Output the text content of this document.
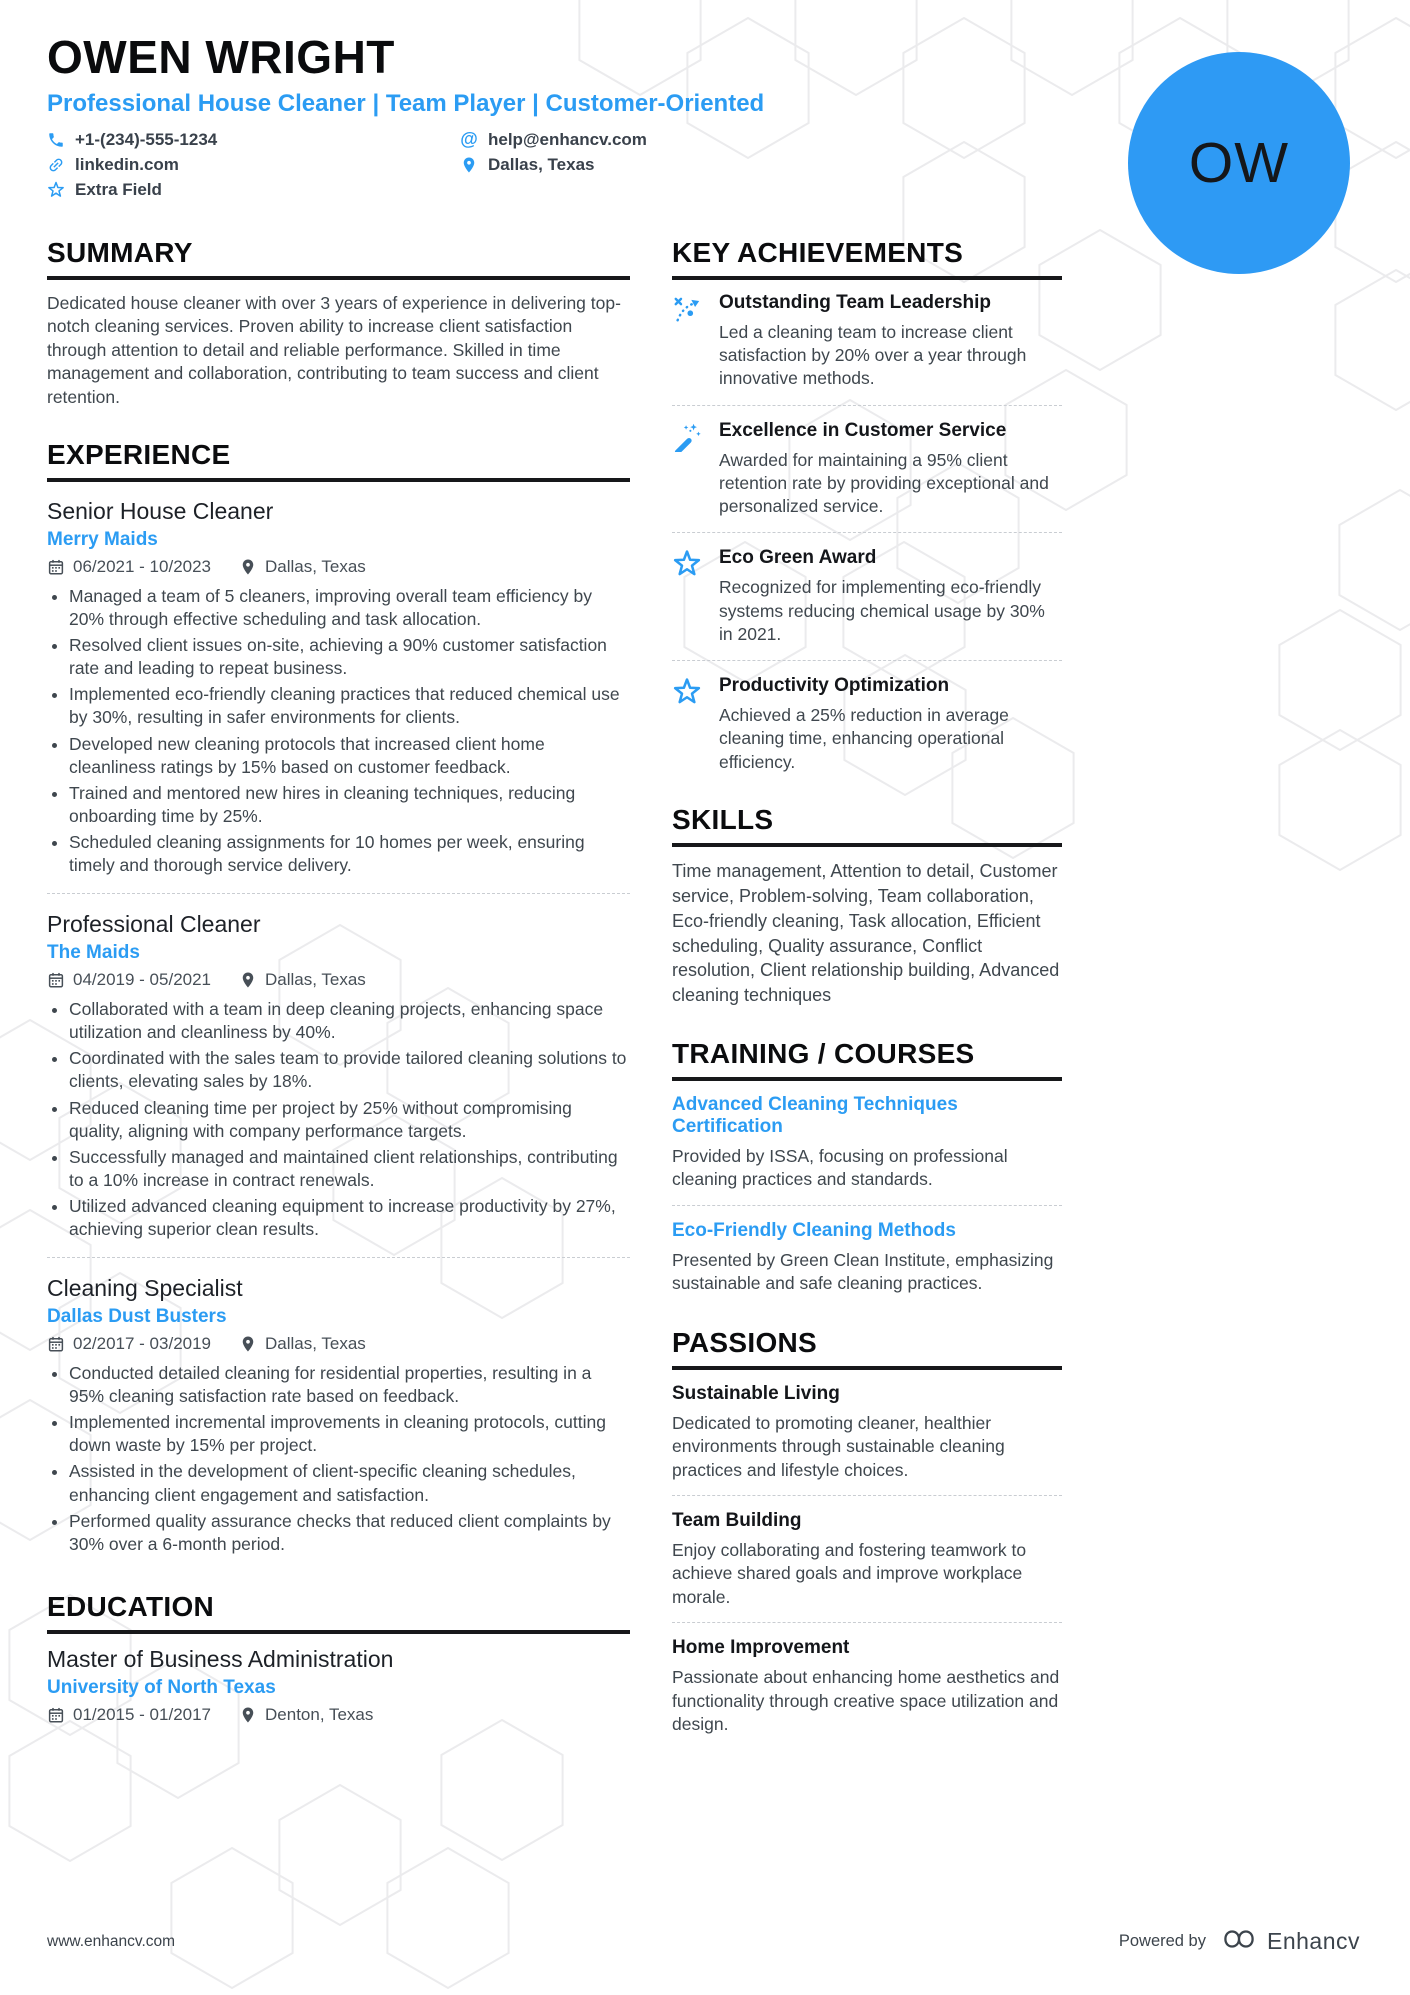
OW
OWEN WRIGHT
Professional House Cleaner | Team Player | Customer-Oriented
+1-(234)-555-1234
linkedin.com
Extra Field
@
help@enhancv.com
Dallas, Texas
SUMMARY
Dedicated house cleaner with over 3 years of experience in delivering top-notch cleaning services. Proven ability to increase client satisfaction through attention to detail and reliable performance. Skilled in time management and collaboration, contributing to team success and client retention.
EXPERIENCE
Senior House Cleaner
Merry Maids
06/2021 - 10/2023	Dallas, Texas
• Managed a team of 5 cleaners, improving overall team efficiency by 20% through effective scheduling and task allocation.
• Resolved client issues on-site, achieving a 90% customer satisfaction rate and leading to repeat business.
• Implemented eco-friendly cleaning practices that reduced chemical use by 30%, resulting in safer environments for clients.
• Developed new cleaning protocols that increased client home cleanliness ratings by 15% based on customer feedback.
• Trained and mentored new hires in cleaning techniques, reducing onboarding time by 25%.
• Scheduled cleaning assignments for 10 homes per week, ensuring timely and thorough service delivery.
Professional Cleaner
The Maids
04/2019 - 05/2021	Dallas, Texas
• Collaborated with a team in deep cleaning projects, enhancing space utilization and cleanliness by 40%.
• Coordinated with the sales team to provide tailored cleaning solutions to clients, elevating sales by 18%.
• Reduced cleaning time per project by 25% without compromising quality, aligning with company performance targets.
• Successfully managed and maintained client relationships, contributing to a 10% increase in contract renewals.
• Utilized advanced cleaning equipment to increase productivity by 27%, achieving superior clean results.
Cleaning Specialist
Dallas Dust Busters
02/2017 - 03/2019	Dallas, Texas
• Conducted detailed cleaning for residential properties, resulting in a 95% cleaning satisfaction rate based on feedback.
• Implemented incremental improvements in cleaning protocols, cutting down waste by 15% per project.
• Assisted in the development of client-specific cleaning schedules, enhancing client engagement and satisfaction.
• Performed quality assurance checks that reduced client complaints by 30% over a 6-month period.
EDUCATION
Master of Business Administration
University of North Texas
01/2015 - 01/2017	Denton, Texas
KEY ACHIEVEMENTS
Outstanding Team Leadership
Led a cleaning team to increase client satisfaction by 20% over a year through innovative methods.
Excellence in Customer Service
Awarded for maintaining a 95% client retention rate by providing exceptional and personalized service.
Eco Green Award
Recognized for implementing eco-friendly systems reducing chemical usage by 30% in 2021.
Productivity Optimization
Achieved a 25% reduction in average cleaning time, enhancing operational efficiency.
SKILLS
Time management, Attention to detail, Customer service, Problem-solving, Team collaboration, Eco-friendly cleaning, Task allocation, Efficient scheduling, Quality assurance, Conflict resolution, Client relationship building, Advanced cleaning techniques
TRAINING / COURSES
Advanced Cleaning Techniques Certification
Provided by ISSA, focusing on professional cleaning practices and standards.
Eco-Friendly Cleaning Methods
Presented by Green Clean Institute, emphasizing sustainable and safe cleaning practices.
PASSIONS
Sustainable Living
Dedicated to promoting cleaner, healthier environments through sustainable cleaning practices and lifestyle choices.
Team Building
Enjoy collaborating and fostering teamwork to achieve shared goals and improve workplace morale.
Home Improvement
Passionate about enhancing home aesthetics and functionality through creative space utilization and design.
www.enhancv.com	Powered by	Enhancv
